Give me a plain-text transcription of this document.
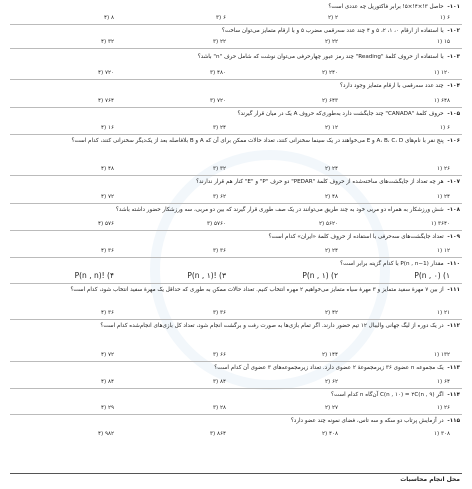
۱۰۱- حاصل ۳!×۴!×۵! برابر فاکتوریل چه عددی است؟
۶ (۱
۲ (۲
۶ (۳
۸ (۴
۱۰۲- با استفاده از ارقام ۰، ۱، ۲، ۵ و ۴ چند عدد سه‌رقمی مضرب ۵ و با ارقام متمایز می‌توان ساخت؟
۱۵ (۱
۲۲ (۲
۲۲ (۳
۳۲ (۴
۱۰۳- با استفاده از حروف کلمهٔ "Reading" چند رمز عبور چهارحرفی می‌توان نوشت که شامل حرف "n" باشد؟
۱۲۰ (۱
۲۴۰ (۲
۴۸۰ (۳
۷۲۰ (۴
۱۰۴- چند عدد سه‌رقمی با ارقام متمایز وجود دارد؟
۶۴۸ (۱
۶۴۳ (۲
۷۲۰ (۳
۷۶۴ (۴
۱۰۵- حروف کلمهٔ "CANADA" چند جایگشت دارد به‌طوری‌که حروف A یک در میان قرار گیرند؟
۶ (۱
۱۲ (۲
۲۴ (۳
۱۶ (۴
۱۰۶- پنج نفر با نام‌های A، B، C، D و E می‌خواهند در یک سینما سخنرانی کنند، تعداد حالات ممکن برای آن که A و B بلافاصله بعد از یک‌دیگر سخنرانی کنند، کدام است؟
۲۶ (۱
۲۴ (۲
۳۲ (۳
۴۸ (۴
۱۰۷- هر چه تعداد از جایگشت‌های ساخته‌شده از حروف کلمهٔ "PEDAR" دو حرف "P" و "E" کنار هم قرار ندارند؟
۲۴ (۱
۴۸ (۲
۶۲ (۳
۷۲ (۴
۱۰۸- شش ورزشکار به همراه دو مربی خود به چند طریق می‌توانند در یک صف طوری قرار گیرند که بین دو مربی، سه ورزشکار حضور داشته باشد؟
۳۶۴۰ (۱
۵۶۲۰ (۲
۵۷۶۰ (۳
۵۷۶ (۴
۱۰۹- تعداد جایگشت‌های سه‌حرفی با استفاده از حروف کلمهٔ «ایران» کدام است؟
۱۲ (۱
۲۴ (۲
۳۶ (۳
۳۶ (۴
۱۱۰- مقدار P(n , n−1) با کدام گزینه برابر است؟
P(n , ۰) (۱
P(n , ۱) (۲
P(n , ۱)! (۳
P(n , n)! (۴
۱۱۱- از بین ۷ مهرهٔ سفید متمایز و ۳ مهرهٔ سیاه متمایز می‌خواهیم ۲ مهره انتخاب کنیم. تعداد حالات ممکن به طوری که حداقل یک مهرهٔ سفید انتخاب شود، کدام است؟
۲۱ (۱
۴۲ (۲
۳۶ (۳
۳۶ (۴
۱۱۲- در یک دوره از لیگ جهانی والیبال ۱۲ تیم حضور دارند. اگر تمام بازی‌ها به صورت رفت و برگشت انجام شود، تعداد کل بازی‌های انجام‌شده کدام است؟
۱۳۲ (۱
۱۴۴ (۲
۶۶ (۳
۷۲ (۴
۱۱۳- یک مجموعه n عضوی ۳۶ زیرمجموعهٔ ۲ عضوی دارد. تعداد زیرمجموعه‌های ۳ عضوی آن کدام است؟
۶۴ (۱
۶۲ (۲
۸۴ (۳
۸۴ (۴
۱۱۴- اگر C(n , ۱۰) = ۲C(n , ۹) آن‌گاه n کدام است؟
۲۶ (۱
۲۷ (۲
۲۸ (۳
۲۹ (۴
۱۱۵- در آزمایش پرتاب دو سکه و سه تاس، فضای نمونه چند عضو دارد؟
۳۰۸ (۱
۴۰۸ (۲
۸۶۴ (۳
۹۸۲ (۴
محل انجام محاسبات
